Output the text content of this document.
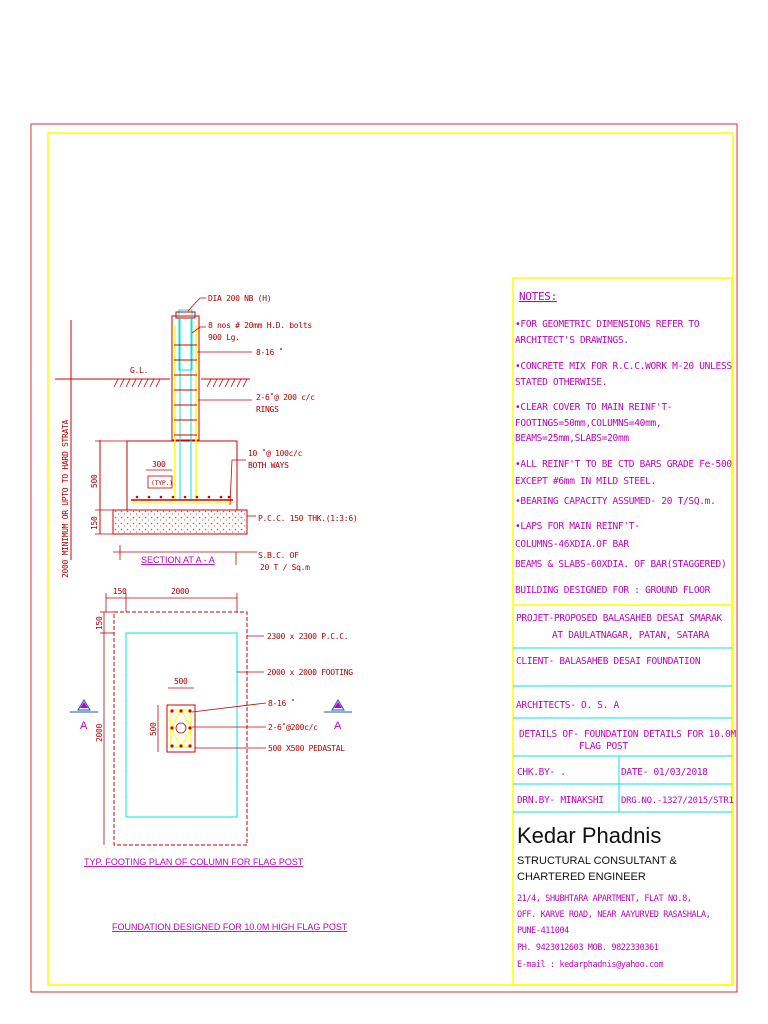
DIA 200 NB (H)
8 nos # 20mm H.D. bolts
900 Lg.
8-16 ˚
G.L.
2-6˚@ 200 c/c
RINGS
10 ˚@ 100c/c
BOTH WAYS
300
(TYP.)
500
150
2000 MINIMUM OR UPTO TO HARD STRATA	P.C.C. 150 THK.(1:3:6)
S.B.C. OF
20 T / Sq.m
SECTION AT A - A
150	2000
150
2000
500
500
2300 x 2300 P.C.C.
2000 x 2000 FOOTING
8-16 ˚
2-6˚@200c/c
500 X500 PEDASTAL
A	A
TYP. FOOTING PLAN OF COLUMN FOR FLAG POST
FOUNDATION DESIGNED FOR 10.0M HIGH FLAG POST
NOTES:
•FOR GEOMETRIC DIMENSIONS REFER TO
ARCHITECT'S DRAWINGS.
•CONCRETE MIX FOR R.C.C.WORK M-20 UNLESS
STATED OTHERWISE.
•CLEAR COVER TO MAIN REINF'T-
FOOTINGS=50mm,COLUMNS=40mm,
BEAMS=25mm,SLABS=20mm
•ALL REINF'T TO BE CTD BARS GRADE Fe-500
EXCEPT #6mm IN MILD STEEL.
•BEARING CAPACITY ASSUMED- 20 T/SQ.m.
•LAPS FOR MAIN REINF'T-
COLUMNS-46XDIA.OF BAR
BEAMS & SLABS-60XDIA. OF BAR(STAGGERED)
BUILDING DESIGNED FOR : GROUND FLOOR
PROJET-PROPOSED BALASAHEB DESAI SMARAK
AT DAULATNAGAR, PATAN, SATARA
CLIENT- BALASAHEB DESAI FOUNDATION
ARCHITECTS- O. S. A
DETAILS OF- FOUNDATION DETAILS FOR 10.0M
FLAG POST
CHK.BY- .	DATE- 01/03/2018
DRN.BY- MINAKSHI DRG.NO.-1327/2015/STR1
Kedar Phadnis
STRUCTURAL CONSULTANT &
CHARTERED ENGINEER
21/4, SHUBHTARA APARTMENT, FLAT NO.8,
OFF. KARVE ROAD, NEAR AAYURVED RASASHALA,
PUNE-411004
PH. 9423012603 MOB. 9822330361
E-mail : kedarphadnis@yahoo.com
